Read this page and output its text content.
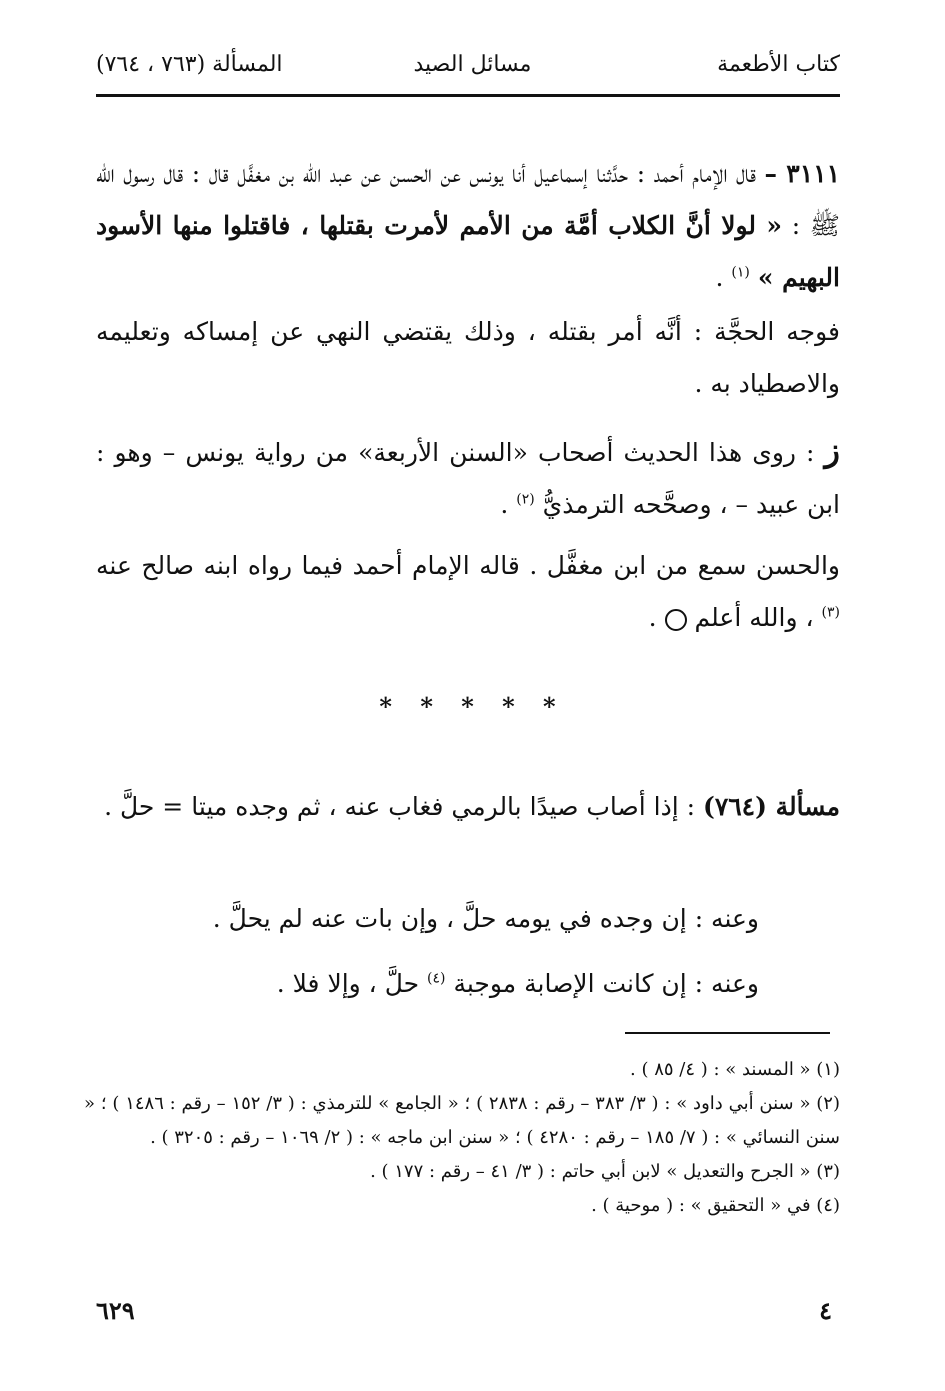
كتاب الأطعمة
مسائل الصيد
المسألة (٧٦٣ ، ٧٦٤)

٣١١١ – قال الإمام أحمد : حدَّثنا إسماعيل أنا يونس عن الحسن عن عبد الله بن مغفَّل قال : قال رسول الله ﷺ : « لولا أنَّ الكلاب أمَّة من الأمم لأمرت بقتلها ، فاقتلوا منها الأسود البهيم » $^{(١)}$ .

فوجه الحجَّة : أنَّه أمر بقتله ، وذلك يقتضي النهي عن إمساكه وتعليمه والاصطياد به .

ز : روى هذا الحديث أصحاب «السنن الأربعة» من رواية يونس – وهو : ابن عبيد – ، وصحَّحه الترمذيُّ $^{(٢)}$ .

والحسن سمع من ابن مغفَّل . قاله الإمام أحمد فيما رواه ابنه صالح عنه $^{(٣)}$ ، والله أعلم  .

* * * * *

مسألة (٧٦٤) : إذا أصاب صيدًا بالرمي فغاب عنه ، ثم وجده ميتا = حلَّ .

وعنه : إن وجده في يومه حلَّ ، وإن بات عنه لم يحلَّ .

وعنه : إن كانت الإصابة موجبة $^{(٤)}$ حلَّ ، وإلا فلا .

(١) « المسند » : ( ٤/ ٨٥ ) .

(٢) « سنن أبي داود » : ( ٣/ ٣٨٣ – رقم : ٢٨٣٨ ) ؛ « الجامع » للترمذي : ( ٣/ ١٥٢ – رقم : ١٤٨٦ ) ؛ « سنن النسائي » : ( ٧/ ١٨٥ – رقم : ٤٢٨٠ ) ؛ « سنن ابن ماجه » : ( ٢/ ١٠٦٩ – رقم : ٣٢٠٥ ) .

(٣) « الجرح والتعديل » لابن أبي حاتم : ( ٣/ ٤١ – رقم : ١٧٧ ) .

(٤) في « التحقيق » : ( موحية ) .

٦٢٩	٤
